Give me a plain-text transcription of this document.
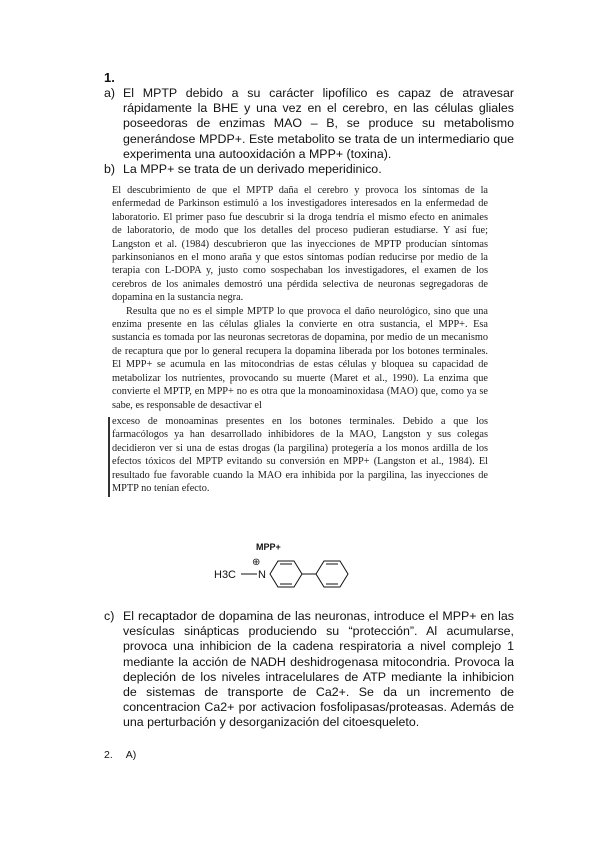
1.
a) El MPTP debido a su carácter lipofílico es capaz de atravesar rápidamente la BHE y una vez en el cerebro, en las células gliales poseedoras de enzimas MAO – B, se produce su metabolismo generándose MPDP+. Este metabolito se trata de un intermediario que experimenta una autooxidación a MPP+ (toxina).
b) La MPP+ se trata de un derivado meperidinico.

El descubrimiento de que el MPTP daña el cerebro y provoca los síntomas de la enfermedad de Parkinson estimuló a los investigadores interesados en la enfermedad de laboratorio. El primer paso fue descubrir si la droga tendría el mismo efecto en animales de laboratorio, de modo que los detalles del proceso pudieran estudiarse. Y así fue; Langston et al. (1984) descubrieron que las inyecciones de MPTP producían síntomas parkinsonianos en el mono araña y que estos síntomas podían reducirse por medio de la terapia con L-DOPA y, justo como sospechaban los investigadores, el examen de los cerebros de los animales demostró una pérdida selectiva de neuronas segregadoras de dopamina en la sustancia negra.

Resulta que no es el simple MPTP lo que provoca el daño neurológico, sino que una enzima presente en las células gliales la convierte en otra sustancia, el MPP+. Esa sustancia es tomada por las neuronas secretoras de dopamina, por medio de un mecanismo de recaptura que por lo general recupera la dopamina liberada por los botones terminales. El MPP+ se acumula en las mitocondrias de estas células y bloquea su capacidad de metabolizar los nutrientes, provocando su muerte (Maret et al., 1990). La enzima que convierte el MPTP, en MPP+ no es otra que la monoaminoxidasa (MAO) que, como ya se sabe, es responsable de desactivar el

exceso de monoaminas presentes en los botones terminales. Debido a que los farmacólogos ya han desarrollado inhibidores de la MAO, Langston y sus colegas decidieron ver si una de estas drogas (la pargilina) protegería a los monos ardilla de los efectos tóxicos del MPTP evitando su conversión en MPP+ (Langston et al., 1984). El resultado fue favorable cuando la MAO era inhibida por la pargilina, las inyecciones de MPTP no tenían efecto.

MPP+
H3C
⊕
N
c) El recaptador de dopamina de las neuronas, introduce el MPP+ en las vesículas sinápticas produciendo su “protección”. Al acumularse, provoca una inhibicion de la cadena respiratoria a nivel complejo 1 mediante la acción de NADH deshidrogenasa mitocondria. Provoca la depleción de los niveles intracelulares de ATP mediante la inhibicion de sistemas de transporte de Ca2+. Se da un incremento de concentracion Ca2+ por activacion fosfolipasas/proteasas. Además de una perturbación y desorganización del citoesqueleto.
2. A)
